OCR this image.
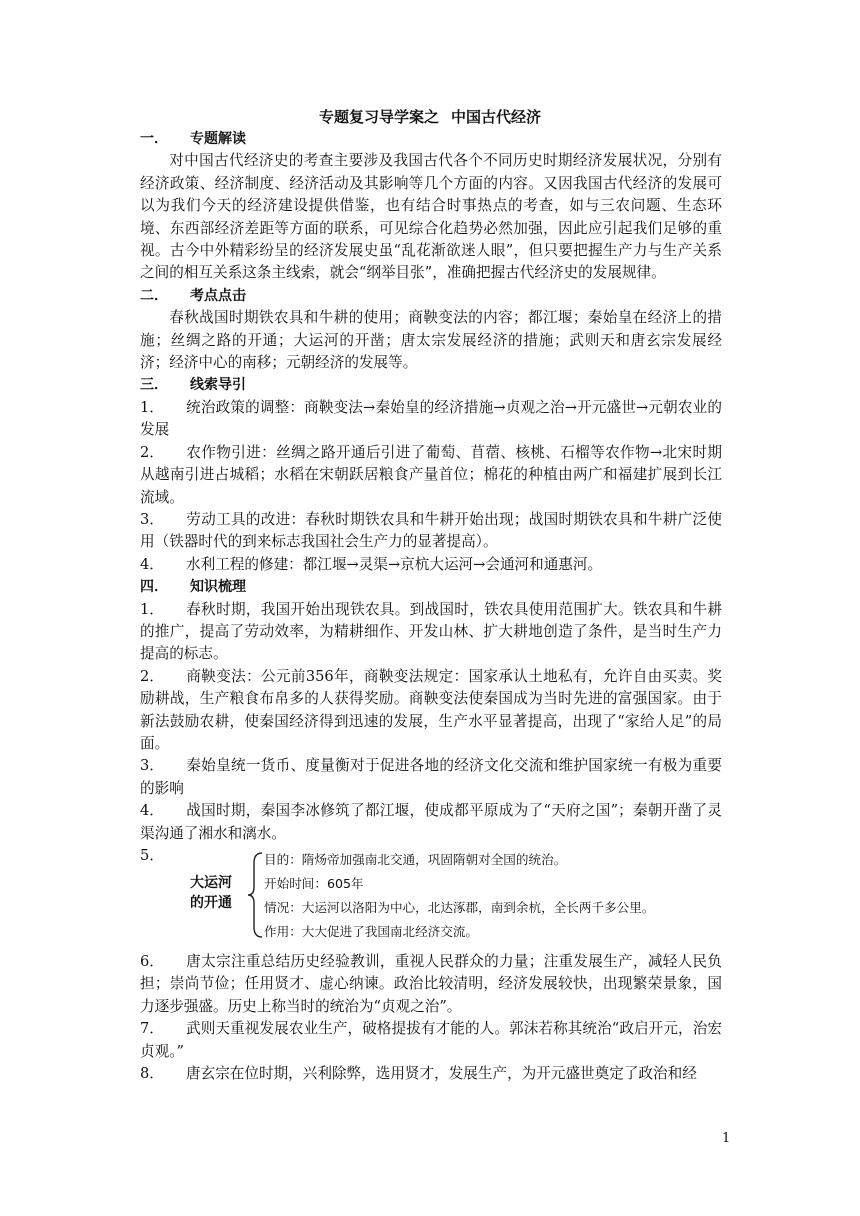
专题复习导学案之 中国古代经济

一． 专题解读

对中国古代经济史的考查主要涉及我国古代各个不同历史时期经济发展状况，分别有经济政策、经济制度、经济活动及其影响等几个方面的内容。又因我国古代经济的发展可以为我们今天的经济建设提供借鉴，也有结合时事热点的考查，如与三农问题、生态环境、东西部经济差距等方面的联系，可见综合化趋势必然加强，因此应引起我们足够的重视。古今中外精彩纷呈的经济发展史虽“乱花渐欲迷人眼”，但只要把握生产力与生产关系之间的相互关系这条主线索，就会“纲举目张”，准确把握古代经济史的发展规律。

二． 考点点击

春秋战国时期铁农具和牛耕的使用；商鞅变法的内容；都江堰；秦始皇在经济上的措施；丝绸之路的开通；大运河的开凿；唐太宗发展经济的措施；武则天和唐玄宗发展经济；经济中心的南移；元朝经济的发展等。

三． 线索导引

1． 统治政策的调整：商鞅变法→秦始皇的经济措施→贞观之治→开元盛世→元朝农业的发展

2． 农作物引进：丝绸之路开通后引进了葡萄、苜蓿、核桃、石榴等农作物→北宋时期从越南引进占城稻；水稻在宋朝跃居粮食产量首位；棉花的种植由两广和福建扩展到长江流域。

3． 劳动工具的改进：春秋时期铁农具和牛耕开始出现；战国时期铁农具和牛耕广泛使用（铁器时代的到来标志我国社会生产力的显著提高）。

4． 水利工程的修建：都江堰→灵渠→京杭大运河→会通河和通惠河。

四． 知识梳理

1． 春秋时期，我国开始出现铁农具。到战国时，铁农具使用范围扩大。铁农具和牛耕的推广，提高了劳动效率，为精耕细作、开发山林、扩大耕地创造了条件，是当时生产力提高的标志。

2． 商鞅变法：公元前356年，商鞅变法规定：国家承认土地私有，允许自由买卖。奖励耕战，生产粮食布帛多的人获得奖励。商鞅变法使秦国成为当时先进的富强国家。由于新法鼓励农耕，使秦国经济得到迅速的发展，生产水平显著提高，出现了“家给人足”的局面。

3． 秦始皇统一货币、度量衡对于促进各地的经济文化交流和维护国家统一有极为重要的影响

4． 战国时期，秦国李冰修筑了都江堰，使成都平原成为了“天府之国”；秦朝开凿了灵渠沟通了湘水和漓水。

5．
大运河
的开通
目的：隋炀帝加强南北交通，巩固隋朝对全国的统治。
开始时间：605年
情况：大运河以洛阳为中心，北达涿郡，南到余杭，全长两千多公里。
作用：大大促进了我国南北经济交流。

6． 唐太宗注重总结历史经验教训，重视人民群众的力量；注重发展生产，减轻人民负担；崇尚节俭；任用贤才、虚心纳谏。政治比较清明，经济发展较快，出现繁荣景象，国力逐步强盛。历史上称当时的统治为“贞观之治”。

7． 武则天重视发展农业生产，破格提拔有才能的人。郭沫若称其统治“政启开元，治宏贞观。”

8． 唐玄宗在位时期，兴利除弊，选用贤才，发展生产，为开元盛世奠定了政治和经

1
